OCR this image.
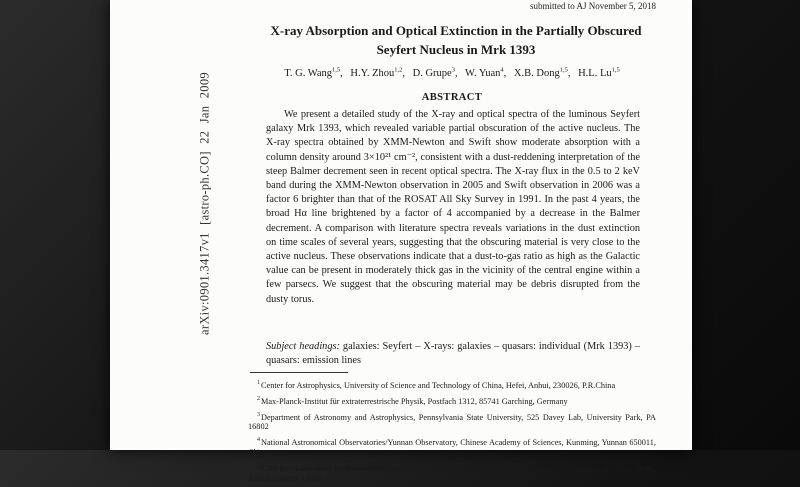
submitted to AJ November 5, 2018
arXiv:0901.3417v1 [astro-ph.CO] 22 Jan 2009
X-ray Absorption and Optical Extinction in the Partially Obscured Seyfert Nucleus in Mrk 1393
T. G. Wang$^{1,5}$ , H.Y. Zhou$^{1,2}$ , D. Grupe$^3$ , W. Yuan$^4$ , X.B. Dong$^{1,5}$ , H.L. Lu$^{1,5}$
ABSTRACT

We present a detailed study of the X-ray and optical spectra of the luminous Seyfert galaxy Mrk 1393, which revealed variable partial obscuration of the active nucleus. The X-ray spectra obtained by XMM-Newton and Swift show moderate absorption with a column density around 3×10²¹ cm⁻², consistent with a dust-reddening interpretation of the steep Balmer decrement seen in recent optical spectra. The X-ray flux in the 0.5 to 2 keV band during the XMM-Newton observation in 2005 and Swift observation in 2006 was a factor 6 brighter than that of the ROSAT All Sky Survey in 1991. In the past 4 years, the broad Hα line brightened by a factor of 4 accompanied by a decrease in the Balmer decrement. A comparison with literature spectra reveals variations in the dust extinction on time scales of several years, suggesting that the obscuring material is very close to the active nucleus. These observations indicate that a dust-to-gas ratio as high as the Galactic value can be present in moderately thick gas in the vicinity of the central engine within a few parsecs. We suggest that the obscuring material may be debris disrupted from the dusty torus.

Subject headings: galaxies: Seyfert – X-rays: galaxies – quasars: individual (Mrk 1393) – quasars: emission lines

$^1$Center for Astrophysics, University of Science and Technology of China, Hefei, Anhui, 230026, P.R.China

$^2$Max-Planck-Institut für extraterrestrische Physik, Postfach 1312, 85741 Garching, Germany

$^3$Department of Astronomy and Astrophysics, Pennsylvania State University, 525 Davey Lab, University Park, PA 16802

$^4$National Astronomical Observatories/Yunnan Observatory, Chinese Academy of Sciences, Kunming, Yunnan 650011, China

$^5$CAS Key Laboratory for Research in galaxies and Cosmology, University of Science and Technology of China, Hefei, Anhui, 230026, China
